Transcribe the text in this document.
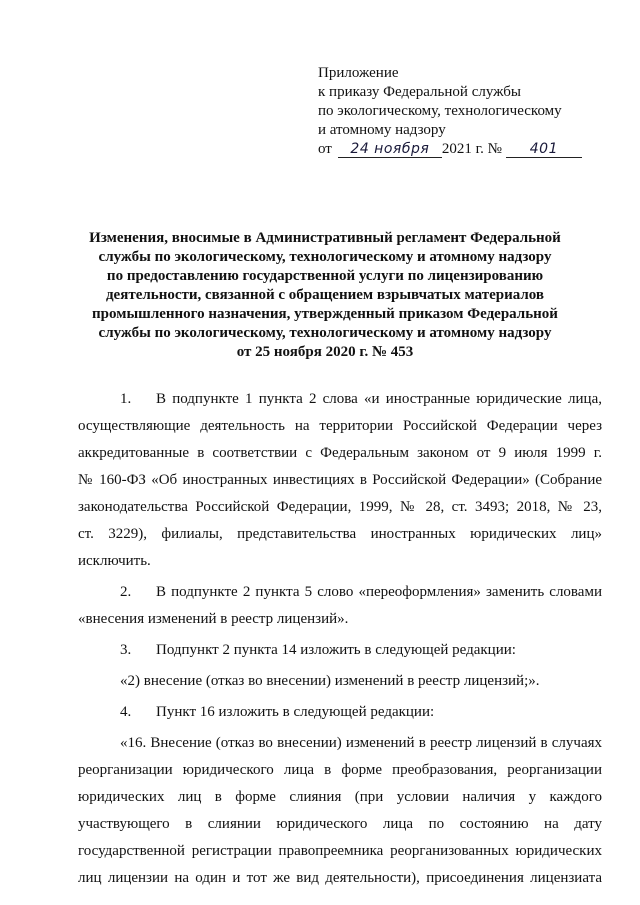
Приложение
к приказу Федеральной службы
по экологическому, технологическому
и атомному надзору
от 24 ноября 2021 г. № 401
Изменения, вносимые в Административный регламент Федеральной
службы по экологическому, технологическому и атомному надзору
по предоставлению государственной услуги по лицензированию
деятельности, связанной с обращением взрывчатых материалов
промышленного назначения, утвержденный приказом Федеральной
службы по экологическому, технологическому и атомному надзору
от 25 ноября 2020 г. № 453
1. В подпункте 1 пункта 2 слова «и иностранные юридические лица,
осуществляющие деятельность на территории Российской Федерации через
аккредитованные в соответствии с Федеральным законом от 9 июля 1999 г.
№ 160-ФЗ «Об иностранных инвестициях в Российской Федерации» (Собрание
законодательства Российской Федерации, 1999, № 28, ст. 3493; 2018, № 23,
ст. 3229), филиалы, представительства иностранных юридических лиц»
исключить.
2. В подпункте 2 пункта 5 слово «переоформления» заменить словами
«внесения изменений в реестр лицензий».
3. Подпункт 2 пункта 14 изложить в следующей редакции:
«2) внесение (отказ во внесении) изменений в реестр лицензий;».
4. Пункт 16 изложить в следующей редакции:
«16. Внесение (отказ во внесении) изменений в реестр лицензий в случаях
реорганизации юридического лица в форме преобразования, реорганизации
юридических лиц в форме слияния (при условии наличия у каждого
участвующего в слиянии юридического лица по состоянию на дату
государственной регистрации правопреемника реорганизованных юридических
лиц лицензии на один и тот же вид деятельности), присоединения лицензиата
